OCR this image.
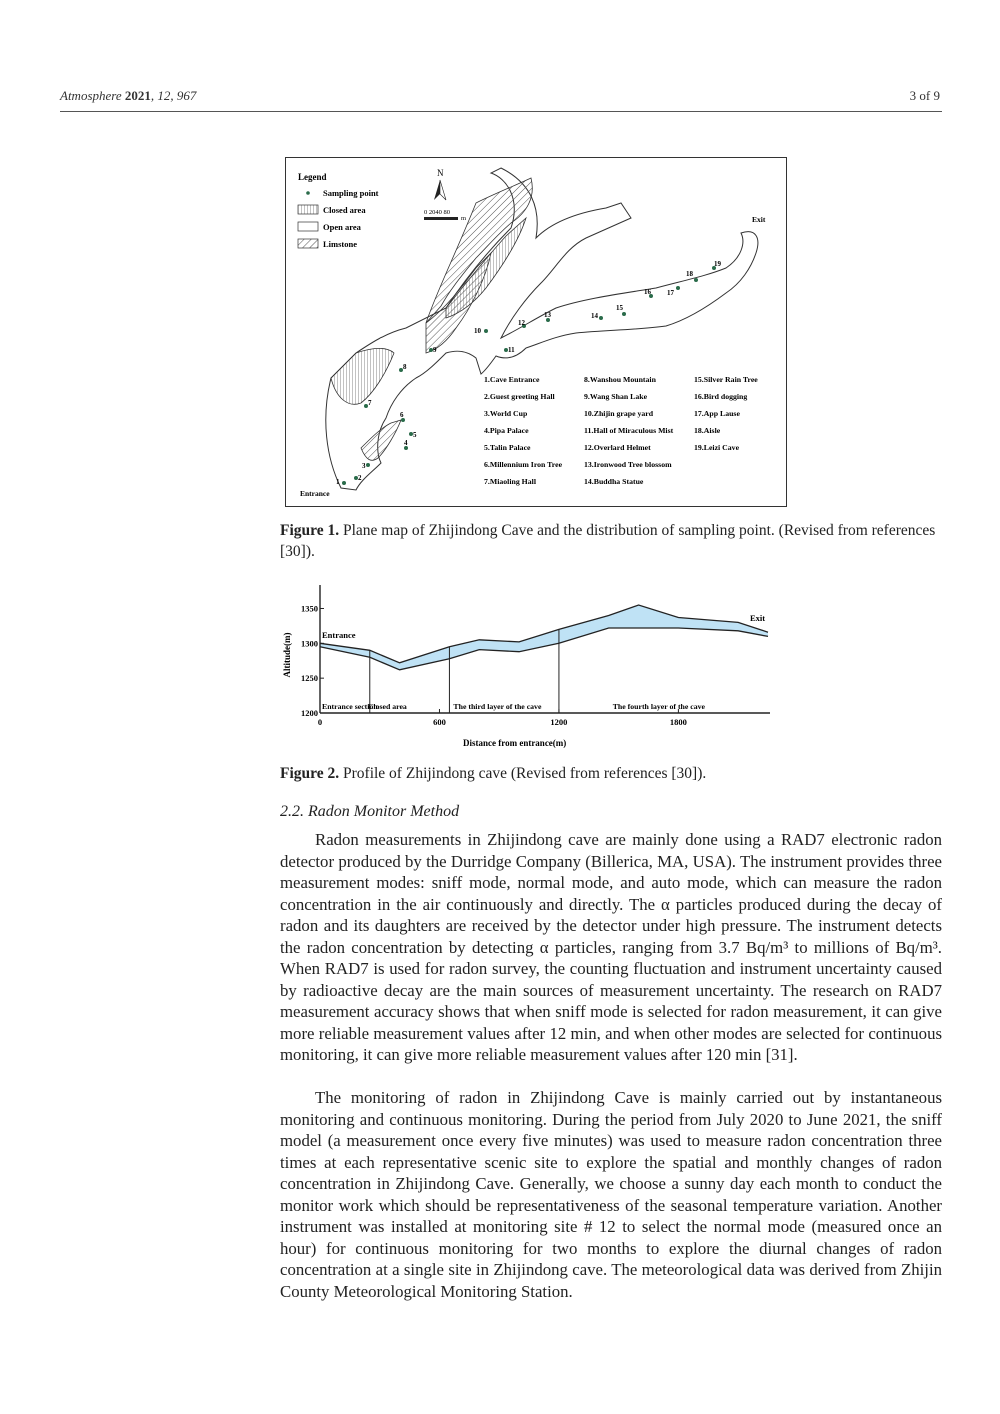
Atmosphere 2021, 12, 967	3 of 9
Legend
Sampling point
Closed area
Open area
Limstone
N
0 2040 80
m
1	2
3
4
5
6
7
8
9
10
11
12
13	14
15
16 17
18
19
Exit
Entrance
1.Cave Entrance	8.Wanshou Mountain	15.Silver Rain Tree
2.Guest greeting Hall	9.Wang Shan Lake	16.Bird dogging
3.World Cup	10.Zhijin grape yard	17.App Lause
4.Pipa Palace	11.Hall of Miraculous Mist	18.Aisle
5.Talin Palace	12.Overlard Helmet	19.Leizi Cave
6.Millennium Iron Tree	13.Ironwood Tree blossom
7.Miaoling Hall	14.Buddha Statue
Figure 1. Plane map of Zhijindong Cave and the distribution of sampling point. (Revised from references [30]).
1200
1250
1300
1350
0	600	1200	1800
Entrance section
Closed area	The third layer of the cave	The fourth layer of the cave
Entrance
Exit
Distance from entrance(m)
Altitude(m)
Figure 2. Profile of Zhijindong cave (Revised from references [30]).
2.2. Radon Monitor Method
Radon measurements in Zhijindong cave are mainly done using a RAD7 electronic radon detector produced by the Durridge Company (Billerica, MA, USA). The instrument provides three measurement modes: sniff mode, normal mode, and auto mode, which can measure the radon concentration in the air continuously and directly. The α particles produced during the decay of radon and its daughters are received by the detector under high pressure. The instrument detects the radon concentration by detecting α particles, ranging from 3.7 Bq/m³ to millions of Bq/m³. When RAD7 is used for radon survey, the counting fluctuation and instrument uncertainty caused by radioactive decay are the main sources of measurement uncertainty. The research on RAD7 measurement accuracy shows that when sniff mode is selected for radon measurement, it can give more reliable measurement values after 12 min, and when other modes are selected for continuous monitoring, it can give more reliable measurement values after 120 min [31].
The monitoring of radon in Zhijindong Cave is mainly carried out by instantaneous monitoring and continuous monitoring. During the period from July 2020 to June 2021, the sniff model (a measurement once every five minutes) was used to measure radon concentration three times at each representative scenic site to explore the spatial and monthly changes of radon concentration in Zhijindong Cave. Generally, we choose a sunny day each month to conduct the monitor work which should be representativeness of the seasonal temperature variation. Another instrument was installed at monitoring site # 12 to select the normal mode (measured once an hour) for continuous monitoring for two months to explore the diurnal changes of radon concentration at a single site in Zhijindong cave. The meteorological data was derived from Zhijin County Meteorological Monitoring Station.
